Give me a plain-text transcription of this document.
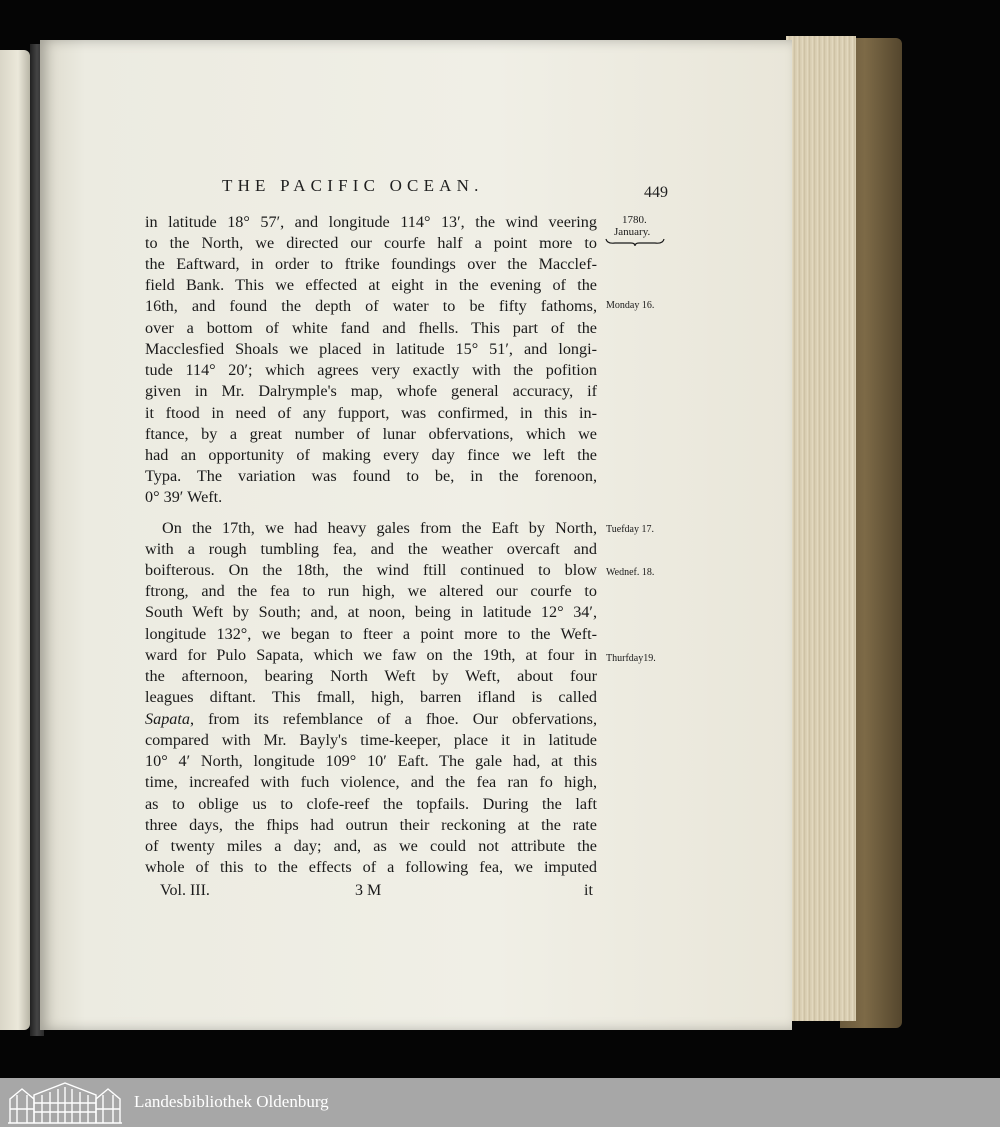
THE PACIFIC OCEAN.	449
1780.
January.
Monday 16.
Tuefday 17.
Wednef. 18.
Thurfday19.
in latitude 18° 57′, and longitude 114° 13′, the wind veering
to the North, we directed our courfe half a point more to
the Eaftward, in order to ftrike foundings over the Macclef-
field Bank. This we effected at eight in the evening of the
16th, and found the depth of water to be fifty fathoms,
over a bottom of white fand and fhells. This part of the
Macclesfied Shoals we placed in latitude 15° 51′, and longi-
tude 114° 20′; which agrees very exactly with the pofition
given in Mr. Dalrymple's map, whofe general accuracy, if
it ftood in need of any fupport, was confirmed, in this in-
ftance, by a great number of lunar obfervations, which we
had an opportunity of making every day fince we left the
Typa. The variation was found to be, in the forenoon,
0° 39′ Weft.
On the 17th, we had heavy gales from the Eaft by North,
with a rough tumbling fea, and the weather overcaft and
boifterous. On the 18th, the wind ftill continued to blow
ftrong, and the fea to run high, we altered our courfe to
South Weft by South; and, at noon, being in latitude 12° 34′,
longitude 132°, we began to fteer a point more to the Weft-
ward for Pulo Sapata, which we faw on the 19th, at four in
the afternoon, bearing North Weft by Weft, about four
leagues diftant. This fmall, high, barren ifland is called
Sapata, from its refemblance of a fhoe. Our obfervations,
compared with Mr. Bayly's time-keeper, place it in latitude
10° 4′ North, longitude 109° 10′ Eaft. The gale had, at this
time, increafed with fuch violence, and the fea ran fo high,
as to oblige us to clofe-reef the topfails. During the laft
three days, the fhips had outrun their reckoning at the rate
of twenty miles a day; and, as we could not attribute the
whole of this to the effects of a following fea, we imputed
Vol. III.	3 M	it
Landesbibliothek Oldenburg
